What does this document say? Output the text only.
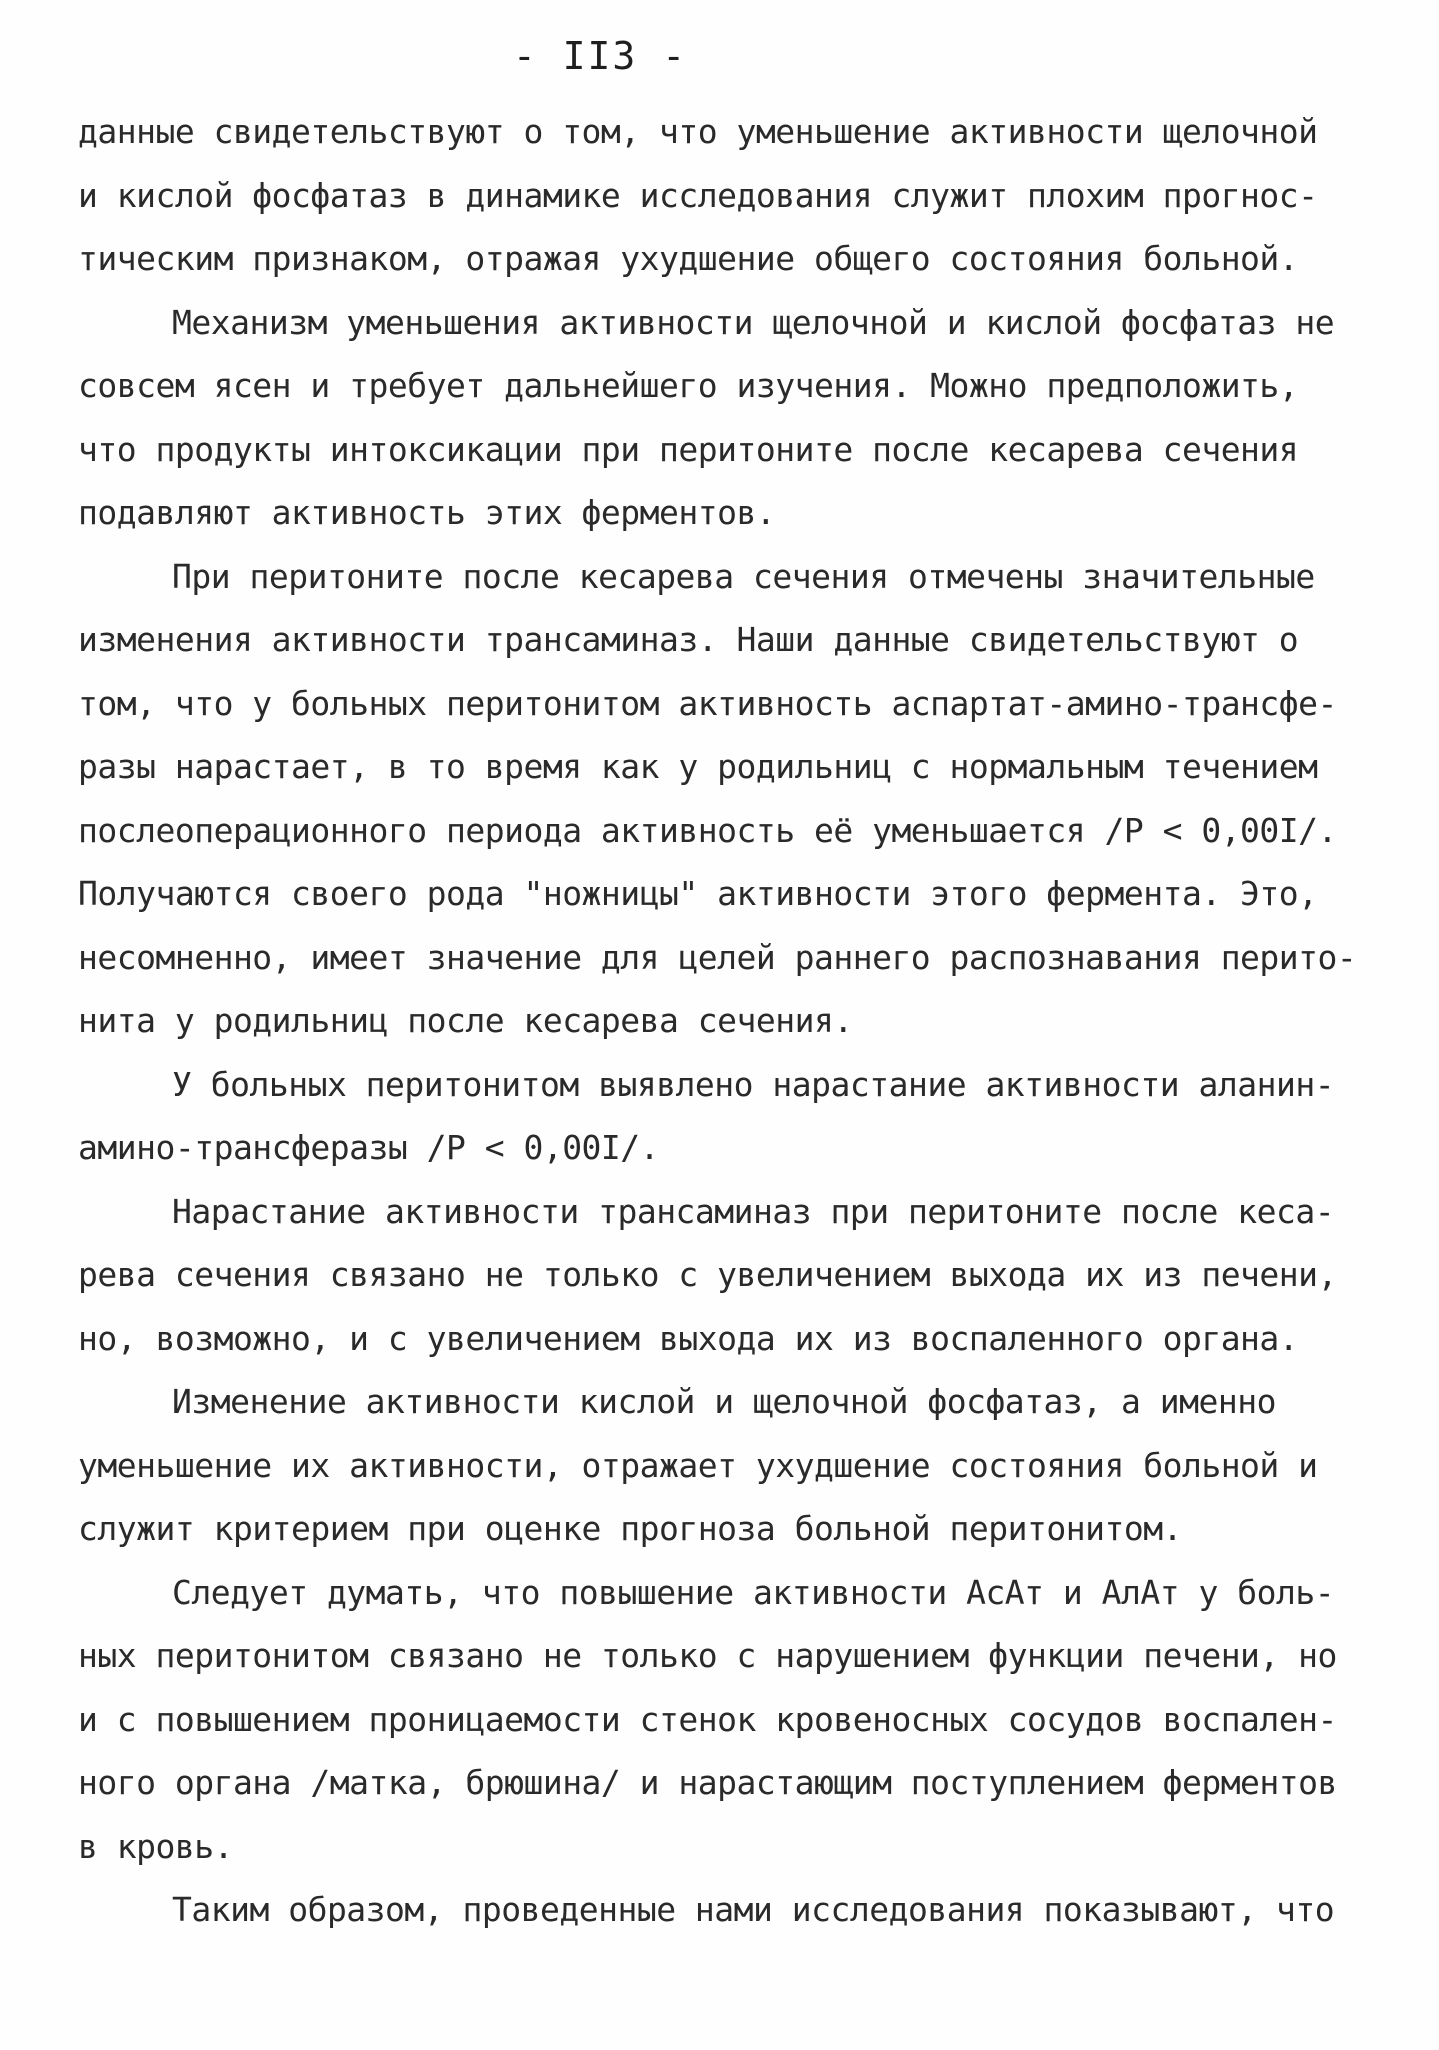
- II3 -
данные свидетельствуют о том, что уменьшение активности щелочной
и кислой фосфатаз в динамике исследования служит плохим прогнос-
тическим признаком, отражая ухудшение общего состояния больной.
Механизм уменьшения активности щелочной и кислой фосфатаз не
совсем ясен и требует дальнейшего изучения. Можно предположить,
что продукты интоксикации при перитоните после кесарева сечения
подавляют активность этих ферментов.
При перитоните после кесарева сечения отмечены значительные
изменения активности трансаминаз. Наши данные свидетельствуют о
том, что у больных перитонитом активность аспартат-амино-трансфе-
разы нарастает, в то время как у родильниц с нормальным течением
послеоперационного периода активность её уменьшается /P < 0,00I/.
Получаются своего рода "ножницы" активности этого фермента. Это,
несомненно, имеет значение для целей раннего распознавания перито-
нита у родильниц после кесарева сечения.
У больных перитонитом выявлено нарастание активности аланин-
амино-трансферазы /P < 0,00I/.
Нарастание активности трансаминаз при перитоните после кеса-
рева сечения связано не только с увеличением выхода их из печени,
но, возможно, и с увеличением выхода их из воспаленного органа.
Изменение активности кислой и щелочной фосфатаз, а именно
уменьшение их активности, отражает ухудшение состояния больной и
служит критерием при оценке прогноза больной перитонитом.
Следует думать, что повышение активности АсАт и АлАт у боль-
ных перитонитом связано не только с нарушением функции печени, но
и с повышением проницаемости стенок кровеносных сосудов воспален-
ного органа /матка, брюшина/ и нарастающим поступлением ферментов
в кровь.
Таким образом, проведенные нами исследования показывают, что
